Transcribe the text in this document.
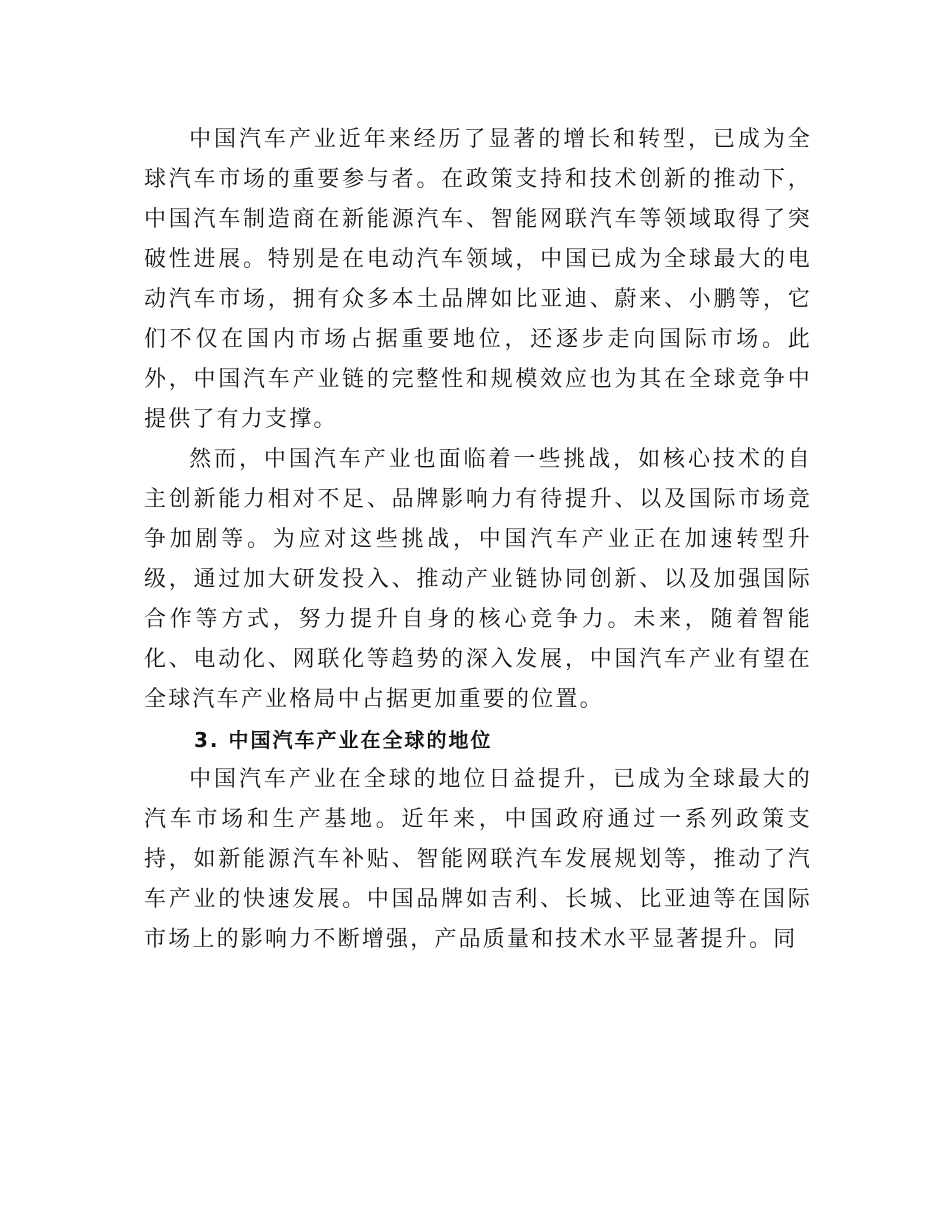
中国汽车产业近年来经历了显著的增长和转型，已成为全球汽车市场的重要参与者。在政策支持和技术创新的推动下，中国汽车制造商在新能源汽车、智能网联汽车等领域取得了突破性进展。特别是在电动汽车领域，中国已成为全球最大的电动汽车市场，拥有众多本土品牌如比亚迪、蔚来、小鹏等，它们不仅在国内市场占据重要地位，还逐步走向国际市场。此外，中国汽车产业链的完整性和规模效应也为其在全球竞争中提供了有力支撑。

然而，中国汽车产业也面临着一些挑战，如核心技术的自主创新能力相对不足、品牌影响力有待提升、以及国际市场竞争加剧等。为应对这些挑战，中国汽车产业正在加速转型升级，通过加大研发投入、推动产业链协同创新、以及加强国际合作等方式，努力提升自身的核心竞争力。未来，随着智能化、电动化、网联化等趋势的深入发展，中国汽车产业有望在全球汽车产业格局中占据更加重要的位置。

3. 中国汽车产业在全球的地位

中国汽车产业在全球的地位日益提升，已成为全球最大的汽车市场和生产基地。近年来，中国政府通过一系列政策支持，如新能源汽车补贴、智能网联汽车发展规划等，推动了汽车产业的快速发展。中国品牌如吉利、长城、比亚迪等在国际市场上的影响力不断增强，产品质量和技术水平显著提升。同
